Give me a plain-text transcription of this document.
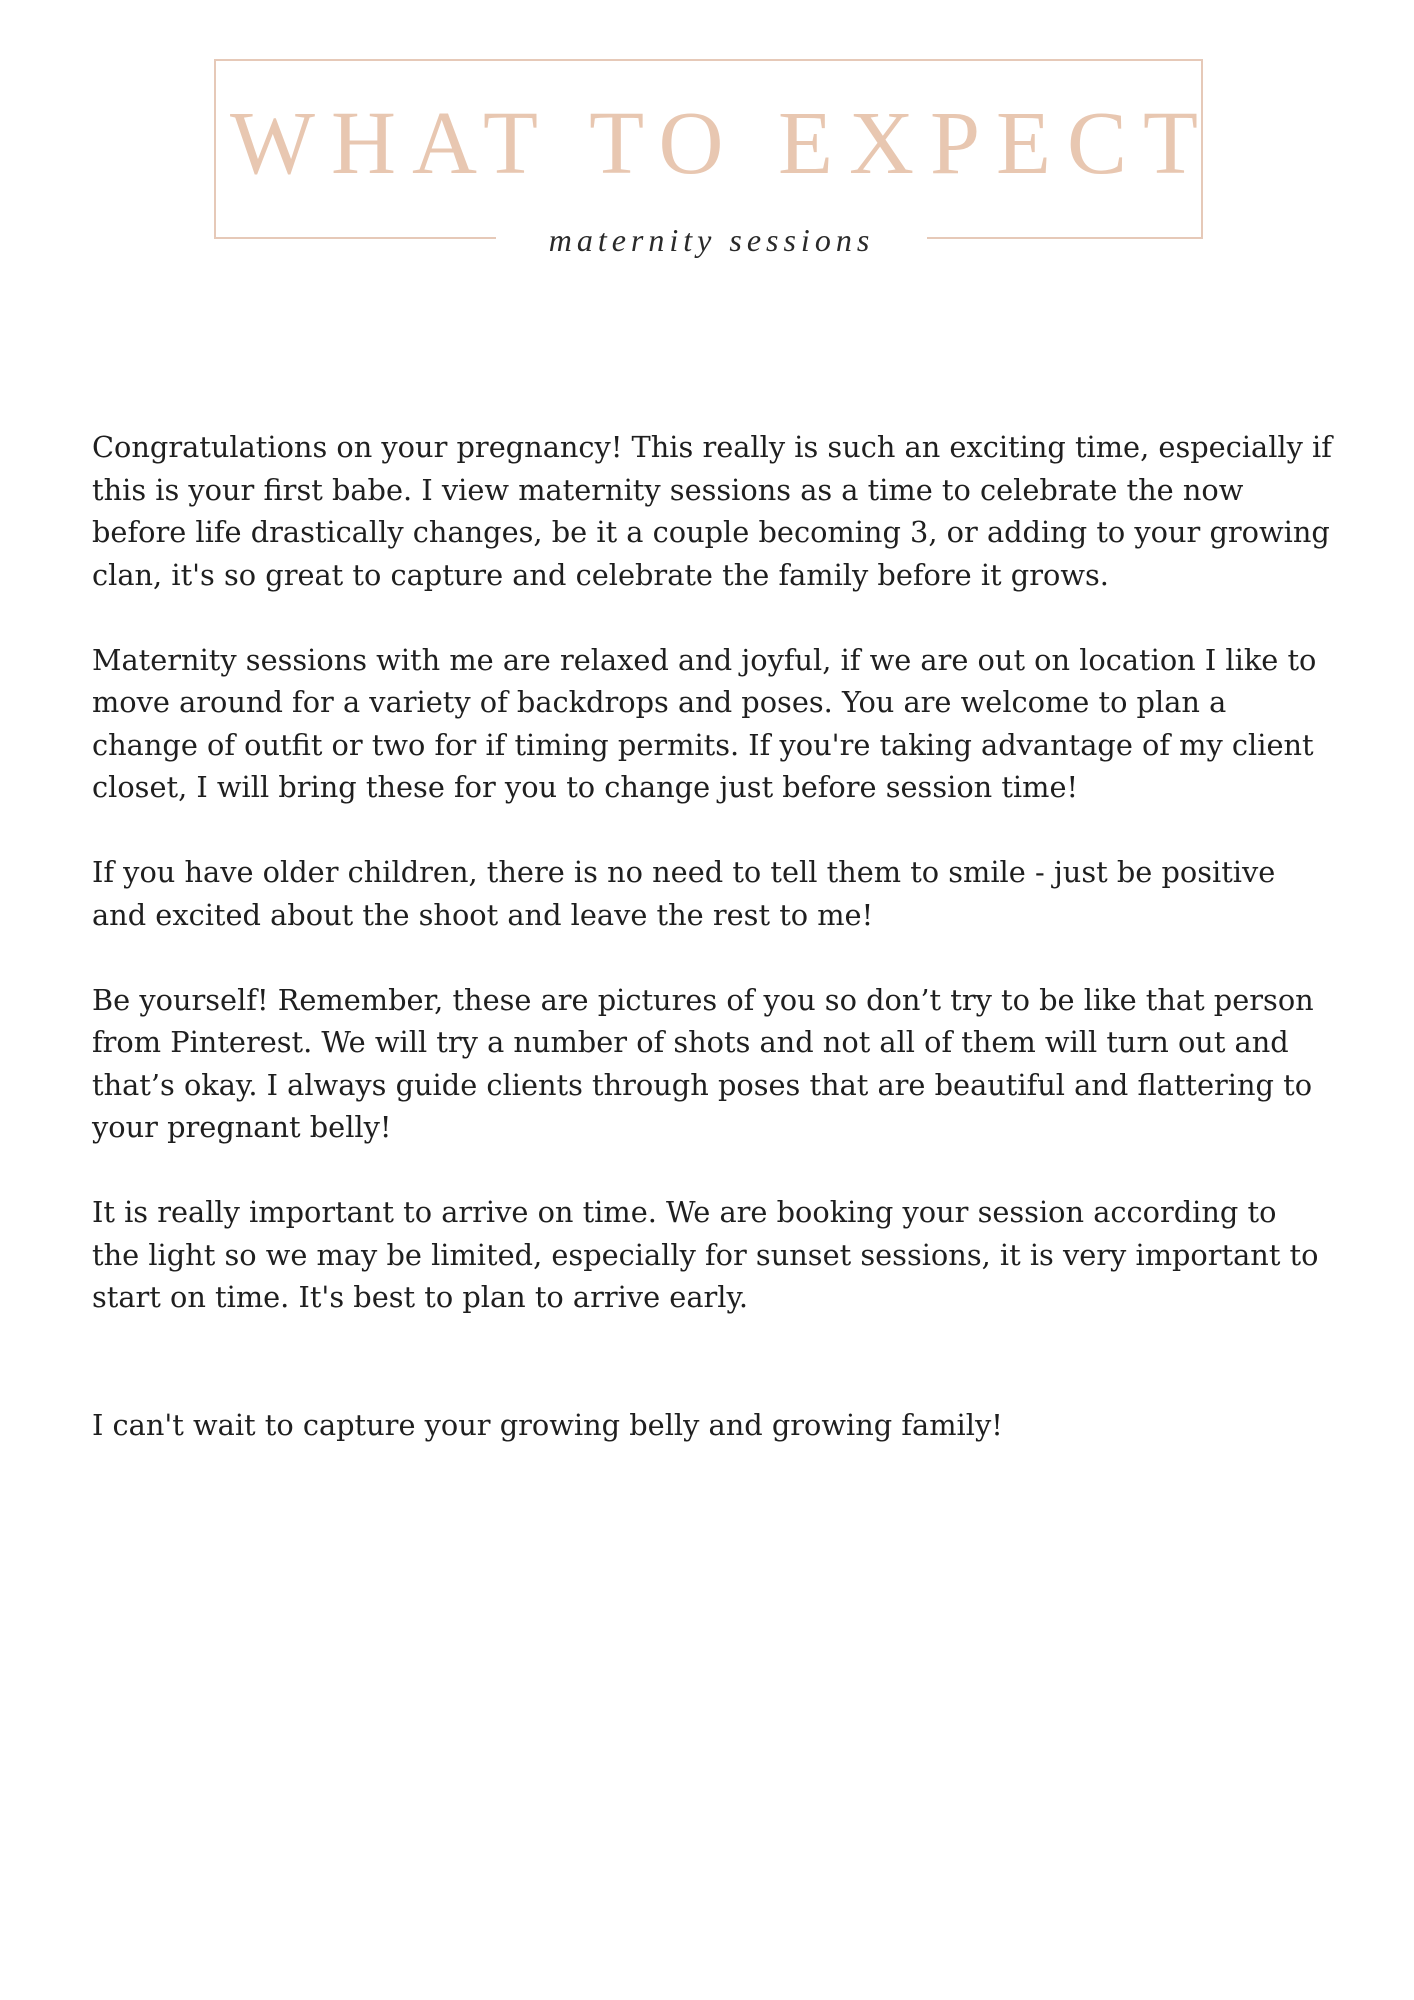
WHAT TO EXPECT
maternity sessions

Congratulations on your pregnancy! This really is such an exciting time, especially if this is your first babe. I view maternity sessions as a time to celebrate the now before life drastically changes, be it a couple becoming 3, or adding to your growing clan, it's so great to capture and celebrate the family before it grows.

Maternity sessions with me are relaxed and joyful, if we are out on location I like to move around for a variety of backdrops and poses. You are welcome to plan a change of outfit or two for if timing permits. If you're taking advantage of my client closet, I will bring these for you to change just before session time!

If you have older children, there is no need to tell them to smile - just be positive and excited about the shoot and leave the rest to me!

Be yourself! Remember, these are pictures of you so don’t try to be like that person from Pinterest. We will try a number of shots and not all of them will turn out and that’s okay. I always guide clients through poses that are beautiful and flattering to your pregnant belly!

It is really important to arrive on time. We are booking your session according to the light so we may be limited, especially for sunset sessions, it is very important to start on time. It's best to plan to arrive early.

I can't wait to capture your growing belly and growing family!
